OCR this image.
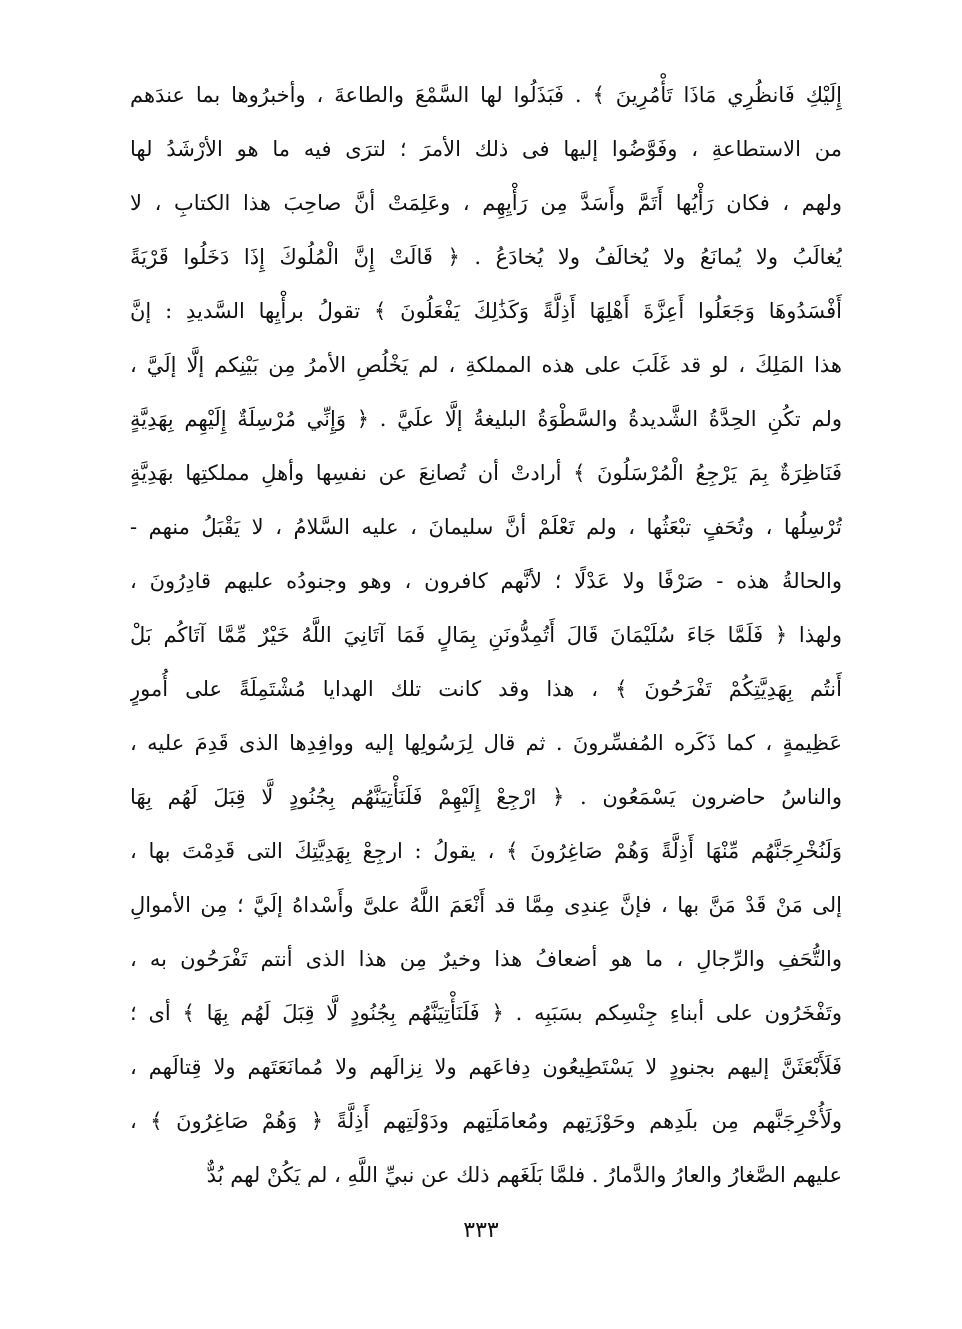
إِلَيْكِ فَانظُرِي مَاذَا تَأْمُرِينَ ﴾ . فَبَذَلُوا لها السَّمْعَ والطاعةَ ، وأخبرُوها بما عندَهم
من الاستطاعةِ ، وفَوَّضُوا إليها فى ذلك الأمرَ ؛ لترَى فيه ما هو الأرْشَدُ لها
ولهم ، فكان رَأْيُها أَتَمَّ وأَسَدَّ مِن رَأْيِهِم ، وعَلِمَتْ أنَّ صاحِبَ هذا الكتابِ ، لا
يُغالَبُ ولا يُمانَعُ ولا يُخالَفُ ولا يُخادَعُ . ﴿ قَالَتْ إِنَّ الْمُلُوكَ إِذَا دَخَلُوا قَرْيَةً
أَفْسَدُوهَا وَجَعَلُوا أَعِزَّةَ أَهْلِهَا أَذِلَّةً وَكَذَٰلِكَ يَفْعَلُونَ ﴾ تقولُ برأْيِها السَّديدِ : إنَّ
هذا المَلِكَ ، لو قد غَلَبَ على هذه المملكةِ ، لم يَخْلُصِ الأمرُ مِن بَيْنِكم إلَّا إلَيَّ ،
ولم تكُنِ الحِدَّةُ الشَّديدةُ والسَّطْوَةُ البليغةُ إلَّا علَيَّ . ﴿ وَإِنِّي مُرْسِلَةٌ إِلَيْهِم بِهَدِيَّةٍ
فَنَاظِرَةٌ بِمَ يَرْجِعُ الْمُرْسَلُونَ ﴾ أرادتْ أن تُصانِعَ عن نفسِها وأهلِ مملكتِها بهَدِيَّةٍ
تُرْسِلُها ، وتُحَفٍ تبْعَثُها ، ولم تَعْلَمْ أنَّ سليمانَ ، عليه السَّلامُ ، لا يَقْبَلُ منهم -
والحالةُ هذه - صَرْفًا ولا عَدْلًا ؛ لأنَّهم كافرون ، وهو وجنودُه عليهم قادِرُونَ ،
ولهذا ﴿ فَلَمَّا جَاءَ سُلَيْمَانَ قَالَ أَتُمِدُّونَنِ بِمَالٍ فَمَا آتَانِيَ اللَّهُ خَيْرٌ مِّمَّا آتَاكُم بَلْ
أَنتُم بِهَدِيَّتِكُمْ تَفْرَحُونَ ﴾ ، هذا وقد كانت تلك الهدايا مُشْتَمِلَةً على أُمورٍ
عَظِيمةٍ ، كما ذَكَره المُفسِّرونَ . ثم قال لِرَسُولِها إليه ووافِدِها الذى قَدِمَ عليه ،
والناسُ حاضرون يَسْمَعُون . ﴿ ارْجِعْ إِلَيْهِمْ فَلَنَأْتِيَنَّهُم بِجُنُودٍ لَّا قِبَلَ لَهُم بِهَا
وَلَنُخْرِجَنَّهُم مِّنْهَا أَذِلَّةً وَهُمْ صَاغِرُونَ ﴾ ، يقولُ : ارجِعْ بِهَدِيَّتِكَ التى قَدِمْتَ بها ،
إلى مَنْ قَدْ مَنَّ بها ، فإنَّ عِندِى مِمَّا قد أَنْعَمَ اللَّهُ علىَّ وأَسْداهُ إلَيَّ ؛ مِن الأموالِ
والتُّحَفِ والرِّجالِ ، ما هو أضعافُ هذا وخيرٌ مِن هذا الذى أنتم تَفْرَحُون به ،
وتَفْخَرُون على أبناءِ جِنْسِكم بسَبَبِه . ﴿ فَلَنَأْتِيَنَّهُم بِجُنُودٍ لَّا قِبَلَ لَهُم بِهَا ﴾ أى ؛
فَلَأَبْعَثَنَّ إليهم بجنودٍ لا يَسْتَطِيعُون دِفاعَهم ولا نِزالَهم ولا مُمانَعَتَهم ولا قِتالَهم ،
ولَأُخْرِجَنَّهم مِن بلَدِهم وحَوْزَتِهم ومُعامَلَتِهم ودَوْلَتِهم أَذِلَّةً ﴿ وَهُمْ صَاغِرُونَ ﴾ ،
عليهم الصَّغارُ والعارُ والدَّمارُ . فلمَّا بَلَغَهم ذلك عن نبيِّ اللَّهِ ، لم يَكُنْ لهم بُدٌّ
٣٣٣
